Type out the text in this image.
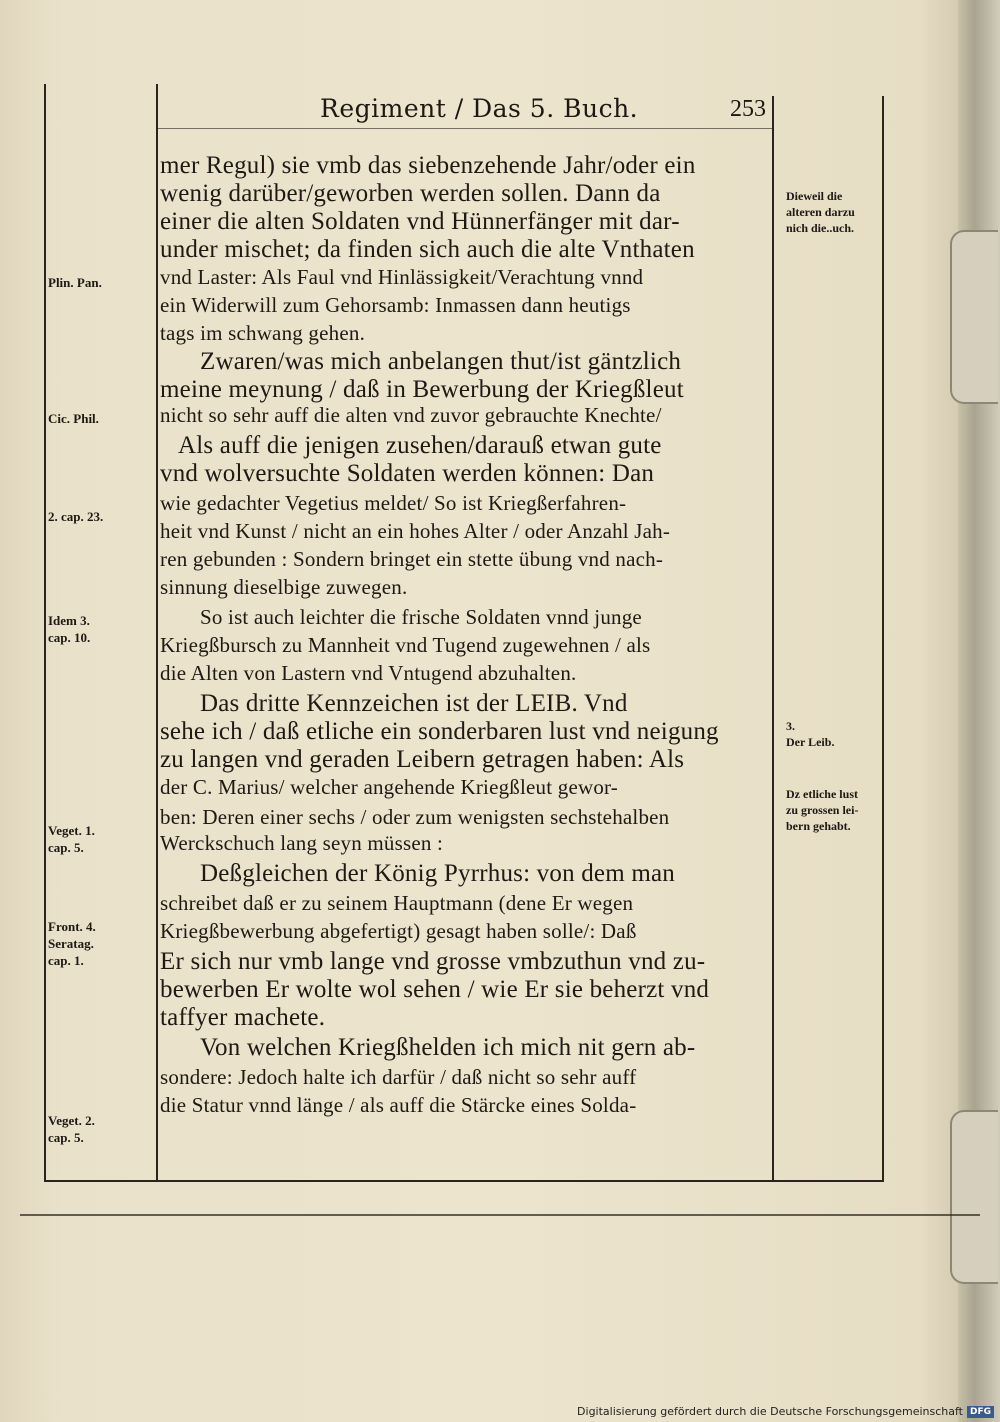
Regiment / Das 5. Buch.	253
mer Regul) sie vmb das siebenzehende Jahr/oder ein
wenig darüber/geworben werden sollen. Dann da
einer die alten Soldaten vnd Hünnerfänger mit dar-
under mischet; da finden sich auch die alte Vnthaten
vnd Laster: Als Faul vnd Hinlässigkeit/Verachtung vnnd
ein Widerwill zum Gehorsamb: Inmassen dann heutigs
tags im schwang gehen.
Zwaren/was mich anbelangen thut/ist gäntzlich
meine meynung / daß in Bewerbung der Kriegßleut
nicht so sehr auff die alten vnd zuvor gebrauchte Knechte/
Als auff die jenigen zusehen/darauß etwan gute
vnd wolversuchte Soldaten werden können: Dan
wie gedachter Vegetius meldet/ So ist Kriegßerfahren-
heit vnd Kunst / nicht an ein hohes Alter / oder Anzahl Jah-
ren gebunden : Sondern bringet ein stette übung vnd nach-
sinnung dieselbige zuwegen.
So ist auch leichter die frische Soldaten vnnd junge
Kriegßbursch zu Mannheit vnd Tugend zugewehnen / als
die Alten von Lastern vnd Vntugend abzuhalten.
Das dritte Kennzeichen ist der LEIB. Vnd
sehe ich / daß etliche ein sonderbaren lust vnd neigung
zu langen vnd geraden Leibern getragen haben: Als
der C. Marius/ welcher angehende Kriegßleut gewor-
ben: Deren einer sechs / oder zum wenigsten sechstehalben
Werckschuch lang seyn müssen :
Deßgleichen der König Pyrrhus: von dem man
schreibet daß er zu seinem Hauptmann (dene Er wegen
Kriegßbewerbung abgefertigt) gesagt haben solle/: Daß
Er sich nur vmb lange vnd grosse vmbzuthun vnd zu-
bewerben Er wolte wol sehen / wie Er sie beherzt vnd
taffyer machete.
Von welchen Kriegßhelden ich mich nit gern ab-
sondere: Jedoch halte ich darfür / daß nicht so sehr auff
die Statur vnnd länge / als auff die Stärcke eines Solda-
Plin. Pan.
Cic. Phil.
2. cap. 23.
Idem 3.
cap. 10.
Veget. 1.
cap. 5.
Front. 4.
Seratag.
cap. 1.
Veget. 2.
cap. 5.
Dieweil die
alteren darzu
nich die..uch.
3.
Der Leib.
Dz etliche lust
zu grossen lei-
bern gehabt.
Digitalisierung gefördert durch die Deutsche Forschungsgemeinschaft DFG
